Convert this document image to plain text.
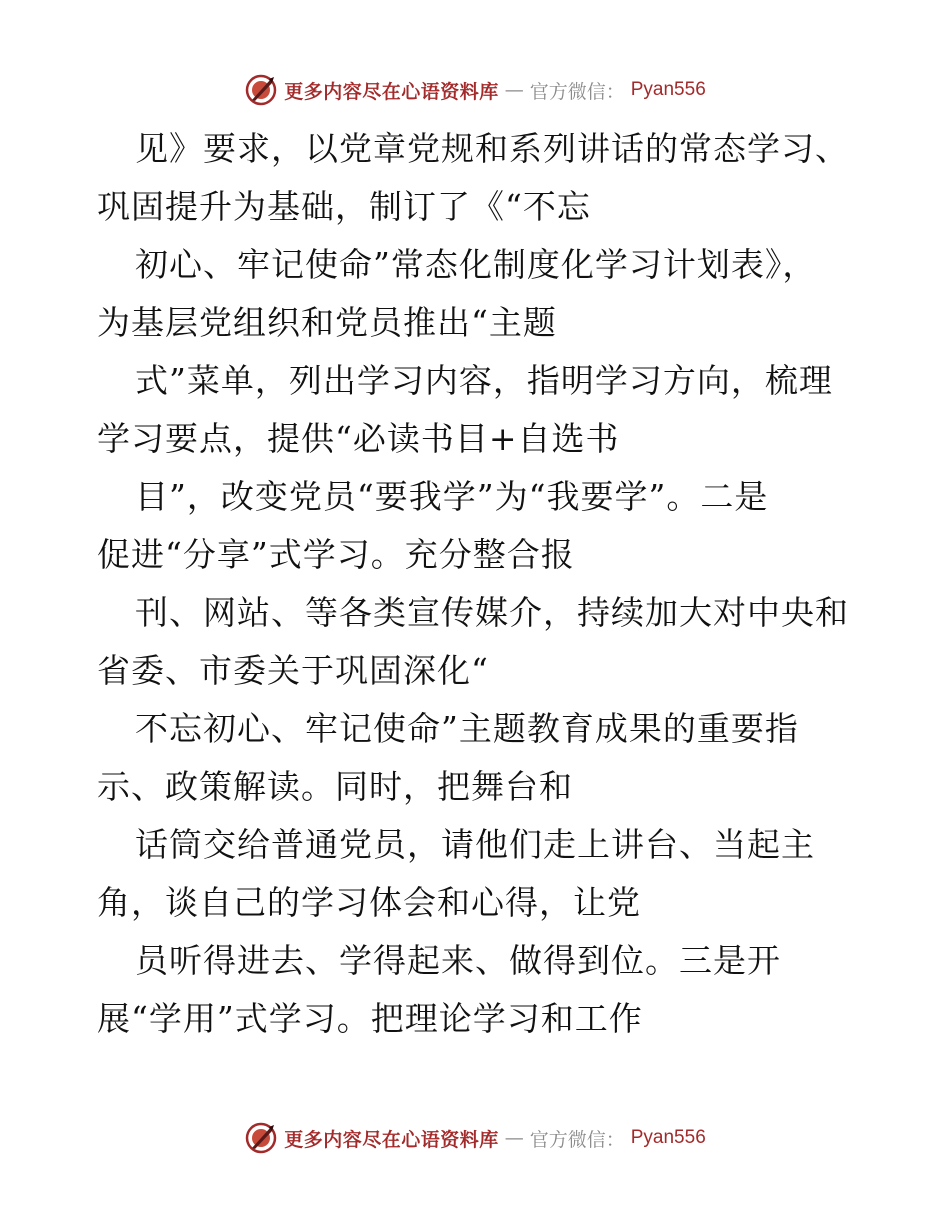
更多内容尽在心语资料库 — 官方微信： Pyan556
见》要求，以党章党规和系列讲话的常态学习、
巩固提升为基础，制订了《“不忘
初心、牢记使命”常态化制度化学习计划表》，
为基层党组织和党员推出“主题
式”菜单，列出学习内容，指明学习方向，梳理
学习要点，提供“必读书目+自选书
目”，改变党员“要我学”为“我要学”。二是
促进“分享”式学习。充分整合报
刊、网站、等各类宣传媒介，持续加大对中央和
省委、市委关于巩固深化“
不忘初心、牢记使命”主题教育成果的重要指
示、政策解读。同时，把舞台和
话筒交给普通党员，请他们走上讲台、当起主
角，谈自己的学习体会和心得，让党
员听得进去、学得起来、做得到位。三是开
展“学用”式学习。把理论学习和工作
更多内容尽在心语资料库 — 官方微信： Pyan556
